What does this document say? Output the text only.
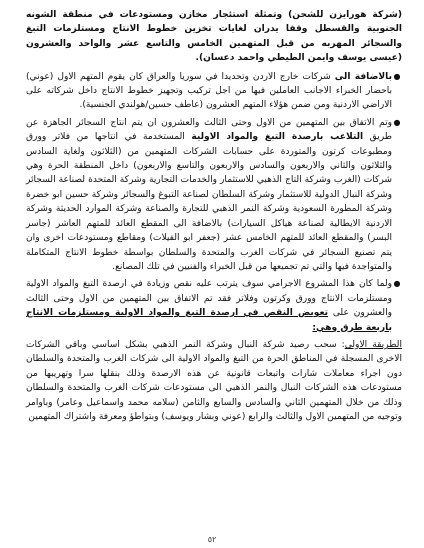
(شركة هورايزن للشحن) وتمثلة استئجار مخازن ومستودعات في منطقة الشونه الجنوبية والقسطل وقفا يدران لغايات تخزين خطوط الانتاج ومستلزمات التبغ والسجائر المهربه من قبل المتهمين الخامس والتاسع عشر والواحد والعشرون (عيسى يوسف وايمن الطيطي واحمد دعسان).

●

بالاضافة الى شركات خارج الاردن وتحديدا في سوريا والعراق كان يقوم المتهم الاول (عوني) باحضار الخبراء الاجانب العاملين فيها من اجل تركيب وتجهيز خطوط الانتاج داخل شركاته على الاراضي الاردنية ومن ضمن هؤلاء المتهم العشرون (عاطف حسين/هولندي الجنسية).

●

وتم الاتفاق بين المتهمين من الاول وحتى الثالث والعشرون ان يتم انتاج السجائر الجاهزة عن طريق التلاعب بارصدة التبغ والمواد الاولية المستخدمة في انتاجها من فلاتر وورق ومطبوعات كرتون والمتوردة على حسابات الشركات المتهمين من (الثلاثون ولغاية السادس والثلاثون والثاني والاربعون والسادس والاربعون والتاسع والاربعون) داخل المنطقة الحرة وهي شركات (الغرب وشركة التاج الذهبي للاستثمار والخدمات التجارية وشركة المتحدة لصناعة السجائر وشركة النبال الدولية للاستثمار وشركة السلطان لصناعة التبوغ والسجائر وشركة حسين ابو خضرة وشركة المطورة السعودية وشركة النمر الذهبي للتجارة والصناعة وشركة الموارد الحديثة وشركة الاردنية الايطالية لصناعة هياكل السيارات) بالاضافة الى المقطع العائد للمتهم العاشر (جاسر البسر) والمقطع العائد للمتهم الخامس عشر (جعفر ابو الفيلات) ومقاطع ومستودعات اخرى وان يتم تصنيع السجائر في شركات الغرب والمتحدة والسلطان بواسطة خطوط الانتاج المتكاملة والمتواجدة فيها والتي تم تجميعها من قبل الخبراء والفنيين في تلك المصانع.

●

ولما كان هذا المشروع الاجرامي سوف يترتب عليه نقص وزيادة في ارصدة التبغ والمواد الاولية ومستلزمات الانتاج وورق وكرتون وفلاتر فقد تم الاتفاق بين المتهمين من الاول وحتى الثالث والعشرون على تعويض النقص في ارصدة التبغ والمواد الاولية ومستلزمات الانتاج باربعة طرق وهي:

الطريقة الاولى: سحب رصيد شركة النبال وشركة النمر الذهبي بشكل اساسي وباقي الشركات الاخرى المسجلة في المناطق الحرة من التبغ والمواد الاولية الى شركات الغرب والمتحدة والسلطان دون اجراء معاملات شارات واتبعات قانونية عن هذه الارصدة وذلك بنقلها سرا وتهريبها من مستودعات هذه الشركات النبال والنمر الذهبي الى مستودعات شركات الغرب والمتحدة والسلطان وذلك من خلال المتهمين الثاني والسادس والسابع والثامن (سلامه محمد واسماعيل وعامر) وباوامر وتوجيه من المتهمين الاول والثالث والرابع (عوني وبشار ويوسف) وبتواطؤ ومعرفة واشتراك المتهمين

٥٢
